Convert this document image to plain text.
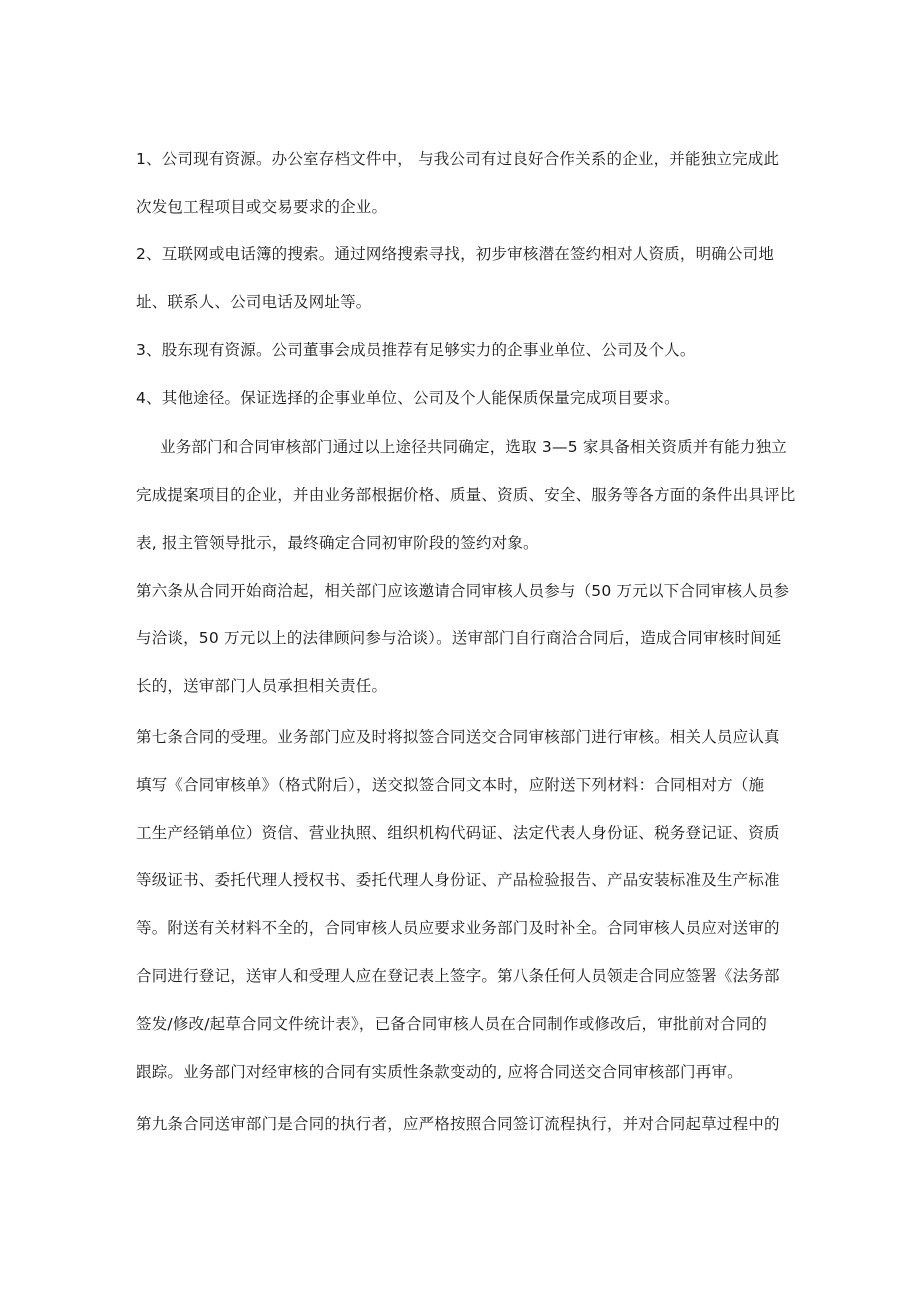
1、公司现有资源。办公室存档文件中， 与我公司有过良好合作关系的企业，并能独立完成此
次发包工程项目或交易要求的企业。
2、互联网或电话簿的搜索。通过网络搜索寻找，初步审核潜在签约相对人资质，明确公司地
址、联系人、公司电话及网址等。
3、股东现有资源。公司董事会成员推荐有足够实力的企事业单位、公司及个人。
4、其他途径。保证选择的企事业单位、公司及个人能保质保量完成项目要求。
业务部门和合同审核部门通过以上途径共同确定，选取 3—5 家具备相关资质并有能力独立
完成提案项目的企业，并由业务部根据价格、质量、资质、安全、服务等各方面的条件出具评比
表, 报主管领导批示，最终确定合同初审阶段的签约对象。
第六条从合同开始商洽起，相关部门应该邀请合同审核人员参与（50 万元以下合同审核人员参
与洽谈，50 万元以上的法律顾问参与洽谈）。送审部门自行商洽合同后，造成合同审核时间延
长的，送审部门人员承担相关责任。
第七条合同的受理。业务部门应及时将拟签合同送交合同审核部门进行审核。相关人员应认真
填写《合同审核单》（格式附后），送交拟签合同文本时，应附送下列材料：合同相对方（施
工生产经销单位）资信、营业执照、组织机构代码证、法定代表人身份证、税务登记证、资质
等级证书、委托代理人授权书、委托代理人身份证、产品检验报告、产品安装标准及生产标准
等。附送有关材料不全的，合同审核人员应要求业务部门及时补全。合同审核人员应对送审的
合同进行登记，送审人和受理人应在登记表上签字。第八条任何人员领走合同应签署《法务部
签发/修改/起草合同文件统计表》，已备合同审核人员在合同制作或修改后，审批前对合同的
跟踪。业务部门对经审核的合同有实质性条款变动的, 应将合同送交合同审核部门再审。
第九条合同送审部门是合同的执行者，应严格按照合同签订流程执行，并对合同起草过程中的
